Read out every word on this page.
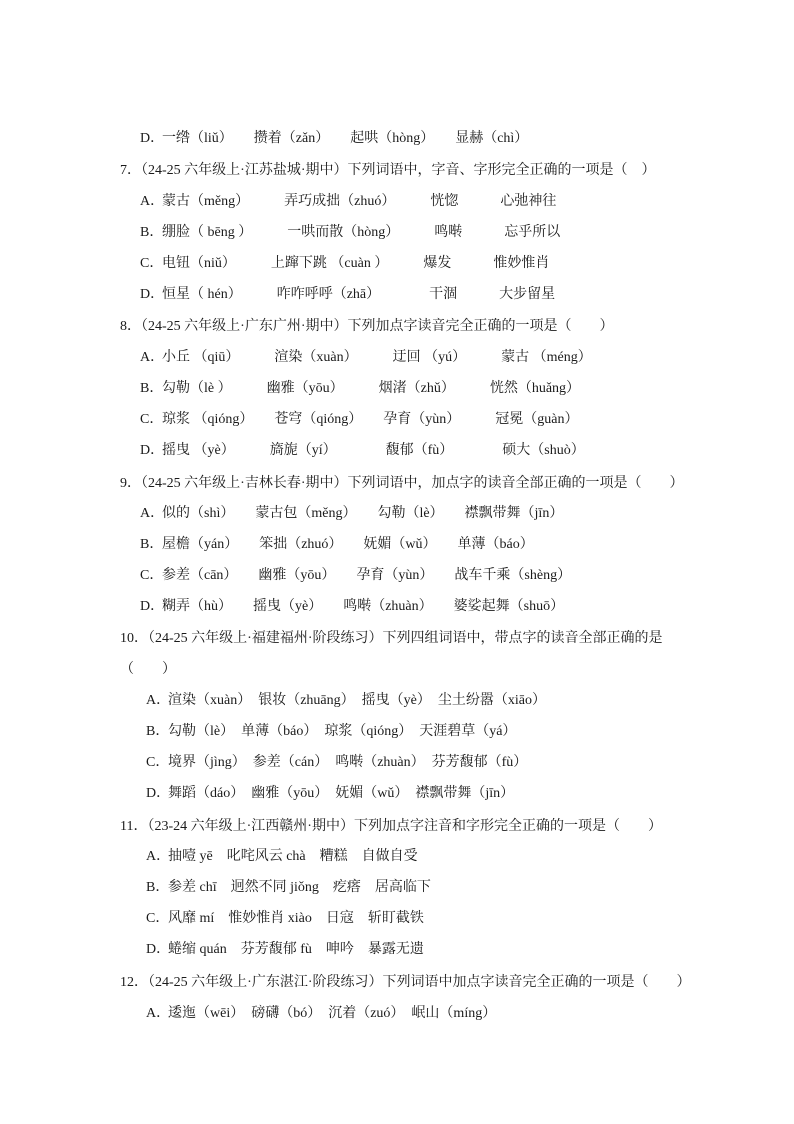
D．一绺（liǔ）　　攒着（zǎn）　　起哄（hòng）　　显赫（chì）
7．（24-25 六年级上·江苏盐城·期中）下列词语中，字音、字形完全正确的一项是（　）
A．蒙古（měng）　　　弄巧成拙（zhuó）　　　恍惚　　　心弛神往
B．绷脸（ bēng ）　　　一哄而散（hòng）　　　鸣啭　　　忘乎所以
C．电钮（niǔ）　　　上蹿下跳 （cuàn ）　　　爆发　　　惟妙惟肖
D．恒星（ hén）　　　咋咋呼呼（zhā）　　　　干涸　　　大步留星
8．（24-25 六年级上·广东广州·期中）下列加点字读音完全正确的一项是（　　）
A．小丘 （qiū）　　　渲染（xuàn）　　　迂回 （yú）　　　蒙古 （méng）
B．勾勒（lè ）　　　幽雅（yōu）　　　烟渚（zhǔ）　　　恍然（huǎng）
C．琼浆 （qióng）　　苍穹（qióng）　　孕育（yùn）　　　冠冕（guàn）
D．摇曳 （yè）　　　旖旎（yí）　　　　馥郁（fù）　　　　硕大（shuò）
9．（24-25 六年级上·吉林长春·期中）下列词语中，加点字的读音全部正确的一项是（　　）
A．似的（shì）　　蒙古包（měng）　　勾勒（lè）　　襟飘带舞（jīn）
B．屋檐（yán）　　笨拙（zhuó）　　妩媚（wǔ）　　单薄（báo）
C．参差（cān）　　幽雅（yōu）　　孕育（yùn）　　战车千乘（shèng）
D．糊弄（hù）　　摇曳（yè）　　鸣啭（zhuàn）　　婆娑起舞（shuō）
10．（24-25 六年级上·福建福州·阶段练习）下列四组词语中，带点字的读音全部正确的是
（　　）
A．渲染（xuàn）　银妆（zhuāng）　摇曳（yè）　尘土纷嚣（xiāo）
B．勾勒（lè）　单薄（báo）　琼浆（qióng）　天涯碧草（yá）
C．境界（jìng）　参差（cán）　鸣啭（zhuàn）　芬芳馥郁（fù）
D．舞蹈（dáo）　幽雅（yōu）　妩媚（wǔ）　襟飘带舞（jīn）
11．（23-24 六年级上·江西赣州·期中）下列加点字注音和字形完全正确的一项是（　　）
A．抽噎 yē　叱咤风云 chà　糟糕　自做自受
B．参差 chī　迥然不同 jiǒng　疙瘩　居高临下
C．风靡 mí　惟妙惟肖 xiào　日寇　斩盯截铁
D．蜷缩 quán　芬芳馥郁 fù　呻吟　暴露无遗
12．（24-25 六年级上·广东湛江·阶段练习）下列词语中加点字读音完全正确的一项是（　　）
A．逶迤（wēi）　磅礴（bó）　沉着（zuó）　岷山（míng）
